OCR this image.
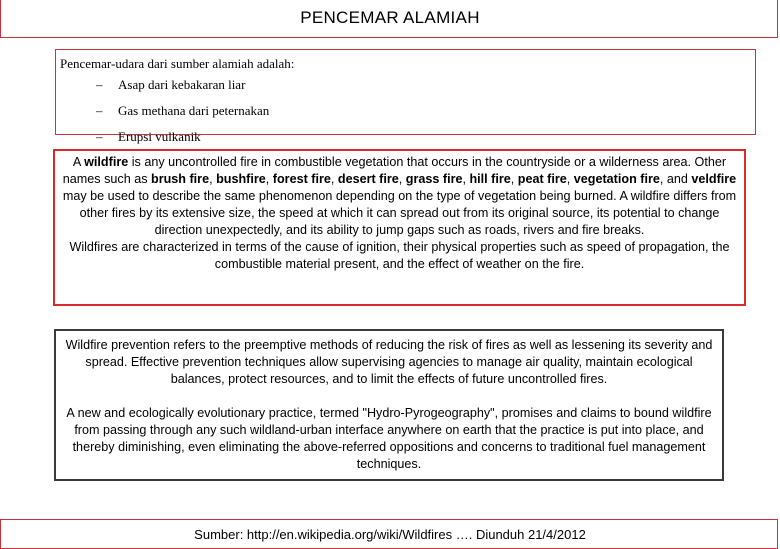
PENCEMAR ALAMIAH
Pencemar-udara dari sumber alamiah adalah:
– Asap dari kebakaran liar
– Gas methana dari peternakan
– Erupsi vulkanik

A wildfire is any uncontrolled fire in combustible vegetation that occurs in the countryside or a wilderness area. Other names such as brush fire, bushfire, forest fire, desert fire, grass fire, hill fire, peat fire, vegetation fire, and veldfire may be used to describe the same phenomenon depending on the type of vegetation being burned. A wildfire differs from other fires by its extensive size, the speed at which it can spread out from its original source, its potential to change direction unexpectedly, and its ability to jump gaps such as roads, rivers and fire breaks.

Wildfires are characterized in terms of the cause of ignition, their physical properties such as speed of propagation, the combustible material present, and the effect of weather on the fire.

Wildfire prevention refers to the preemptive methods of reducing the risk of fires as well as lessening its severity and spread. Effective prevention techniques allow supervising agencies to manage air quality, maintain ecological balances, protect resources, and to limit the effects of future uncontrolled fires.

A new and ecologically evolutionary practice, termed "Hydro-Pyrogeography", promises and claims to bound wildfire from passing through any such wildland-urban interface anywhere on earth that the practice is put into place, and thereby diminishing, even eliminating the above-referred oppositions and concerns to traditional fuel management techniques.

Sumber: http://en.wikipedia.org/wiki/Wildfires …. Diunduh 21/4/2012
